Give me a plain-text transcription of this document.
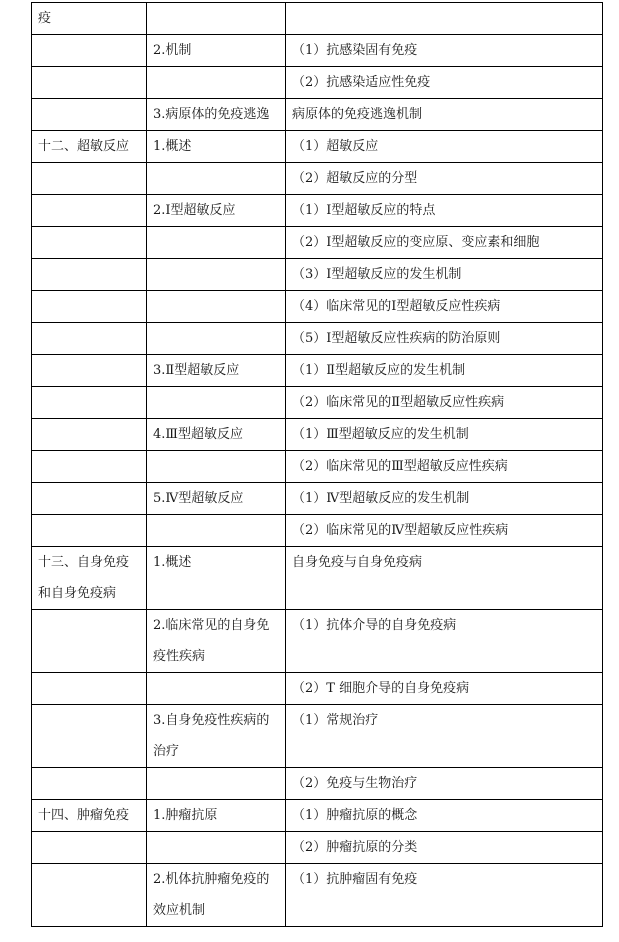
疫		
	2.机制	（1）抗感染固有免疫
		（2）抗感染适应性免疫
	3.病原体的免疫逃逸	病原体的免疫逃逸机制
十二、超敏反应	1.概述	（1）超敏反应
		（2）超敏反应的分型
	2.Ⅰ型超敏反应	（1）Ⅰ型超敏反应的特点
		（2）Ⅰ型超敏反应的变应原、变应素和细胞
		（3）Ⅰ型超敏反应的发生机制
		（4）临床常见的Ⅰ型超敏反应性疾病
		（5）Ⅰ型超敏反应性疾病的防治原则
	3.Ⅱ型超敏反应	（1）Ⅱ型超敏反应的发生机制
		（2）临床常见的Ⅱ型超敏反应性疾病
	4.Ⅲ型超敏反应	（1）Ⅲ型超敏反应的发生机制
		（2）临床常见的Ⅲ型超敏反应性疾病
	5.Ⅳ型超敏反应	（1）Ⅳ型超敏反应的发生机制
		（2）临床常见的Ⅳ型超敏反应性疾病
十三、自身免疫和自身免疫病	1.概述	自身免疫与自身免疫病
	2.临床常见的自身免疫性疾病	（1）抗体介导的自身免疫病
		（2）T 细胞介导的自身免疫病
	3.自身免疫性疾病的治疗	（1）常规治疗
		（2）免疫与生物治疗
十四、肿瘤免疫	1.肿瘤抗原	（1）肿瘤抗原的概念
		（2）肿瘤抗原的分类
	2.机体抗肿瘤免疫的效应机制	（1）抗肿瘤固有免疫
